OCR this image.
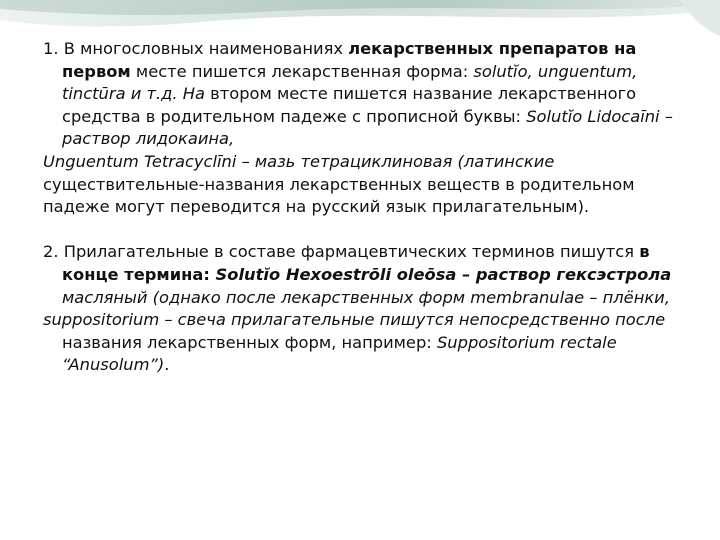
1. В многословных наименованиях лекарственных препаратов на первом месте пишется лекарственная форма: solutĭo, unguentum, tinctūra и т.д. На втором месте пишется название лекарственного средства в родительном падеже с прописной буквы: Solutĭo Lidocaīni – раствор лидокаина,

Unguentum Tetracyclīni – мазь тетрациклиновая (латинские

существительные-названия лекарственных веществ в родительном

падеже могут переводится на русский язык прилагательным).

2. Прилагательные в составе фармацевтических терминов пишутся в конце термина: Solutĭo Hexoestrōli oleōsa – раствор гексэстрола масляный (однако после лекарственных форм membranulae – плёнки,

suppositorium – свеча прилагательные пишутся непосредственно после названия лекарственных форм, например: Suppositorium rectale “Anusolum”).
